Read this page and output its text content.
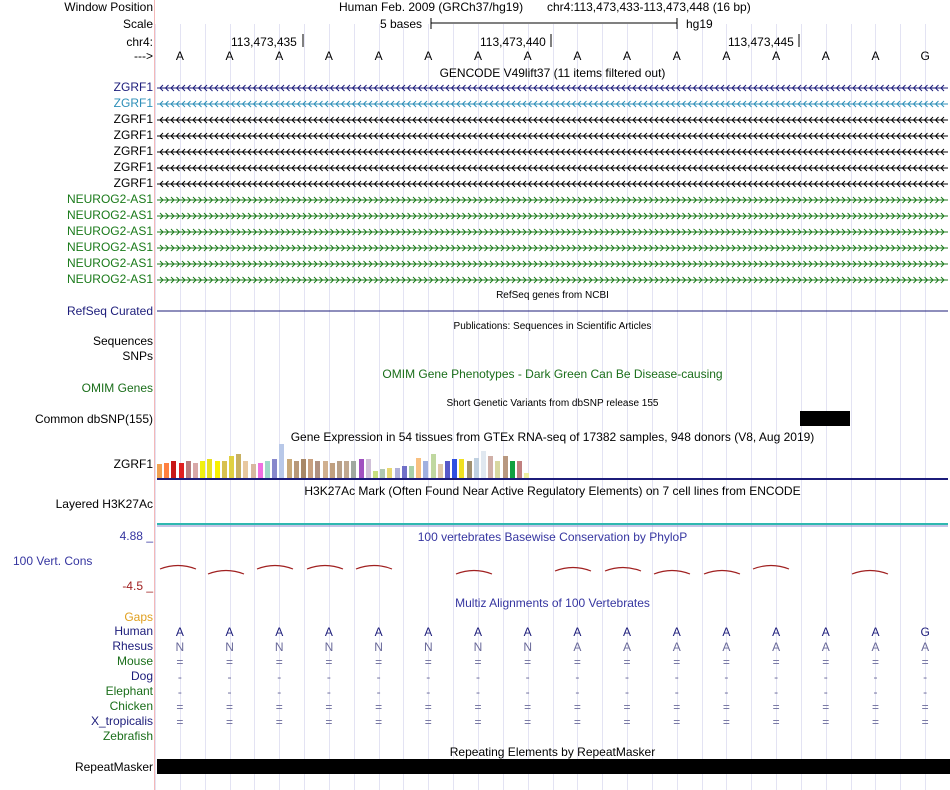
Window Position	Human Feb. 2009 (GRCh37/hg19) chr4:113,473,433-113,473,448 (16 bp)
Scale	5 bases	hg19
chr4:	113,473,435	113,473,440	113,473,445
--->
GENCODE V49lift37 (11 items filtered out)
RefSeq genes from NCBI
RefSeq Curated
Publications: Sequences in Scientific Articles
Sequences
SNPs
OMIM Gene Phenotypes - Dark Green Can Be Disease-causing
OMIM Genes
Short Genetic Variants from dbSNP release 155
Common dbSNP(155)
Gene Expression in 54 tissues from GTEx RNA-seq of 17382 samples, 948 donors (V8, Aug 2019)
ZGRF1
H3K27Ac Mark (Often Found Near Active Regulatory Elements) on 7 cell lines from ENCODE
Layered H3K27Ac
100 vertebrates Basewise Conservation by PhyloP
4.88 _
100 Vert. Cons
-4.5 _
Multiz Alignments of 100 Vertebrates
Gaps
Repeating Elements by RepeatMasker
RepeatMasker
A	A	A	A	A	A	A	A	A	A	A	A	A	A	A	G
ZGRF1
ZGRF1
ZGRF1
ZGRF1
ZGRF1
ZGRF1
ZGRF1
NEUROG2-AS1
NEUROG2-AS1
NEUROG2-AS1
NEUROG2-AS1
NEUROG2-AS1
NEUROG2-AS1
Human	A	A	A	A	A	A	A	A	A	A	A	A	A	A	A	G
Rhesus	N	N	N	N	N	N	N	N	A	A	A	A	A	A	A	A
Mouse	=	=	=	=	=	=	=	=	=	=	=	=	=	=	=	=
Dog	-	-	-	-	-	-	-	-	-	-	-	-	-	-	-	-
Elephant	-	-	-	-	-	-	-	-	-	-	-	-	-	-	-	-
Chicken	=	=	=	=	=	=	=	=	=	=	=	=	=	=	=	=
X_tropicalis	=	=	=	=	=	=	=	=	=	=	=	=	=	=	=	=
Zebrafish
